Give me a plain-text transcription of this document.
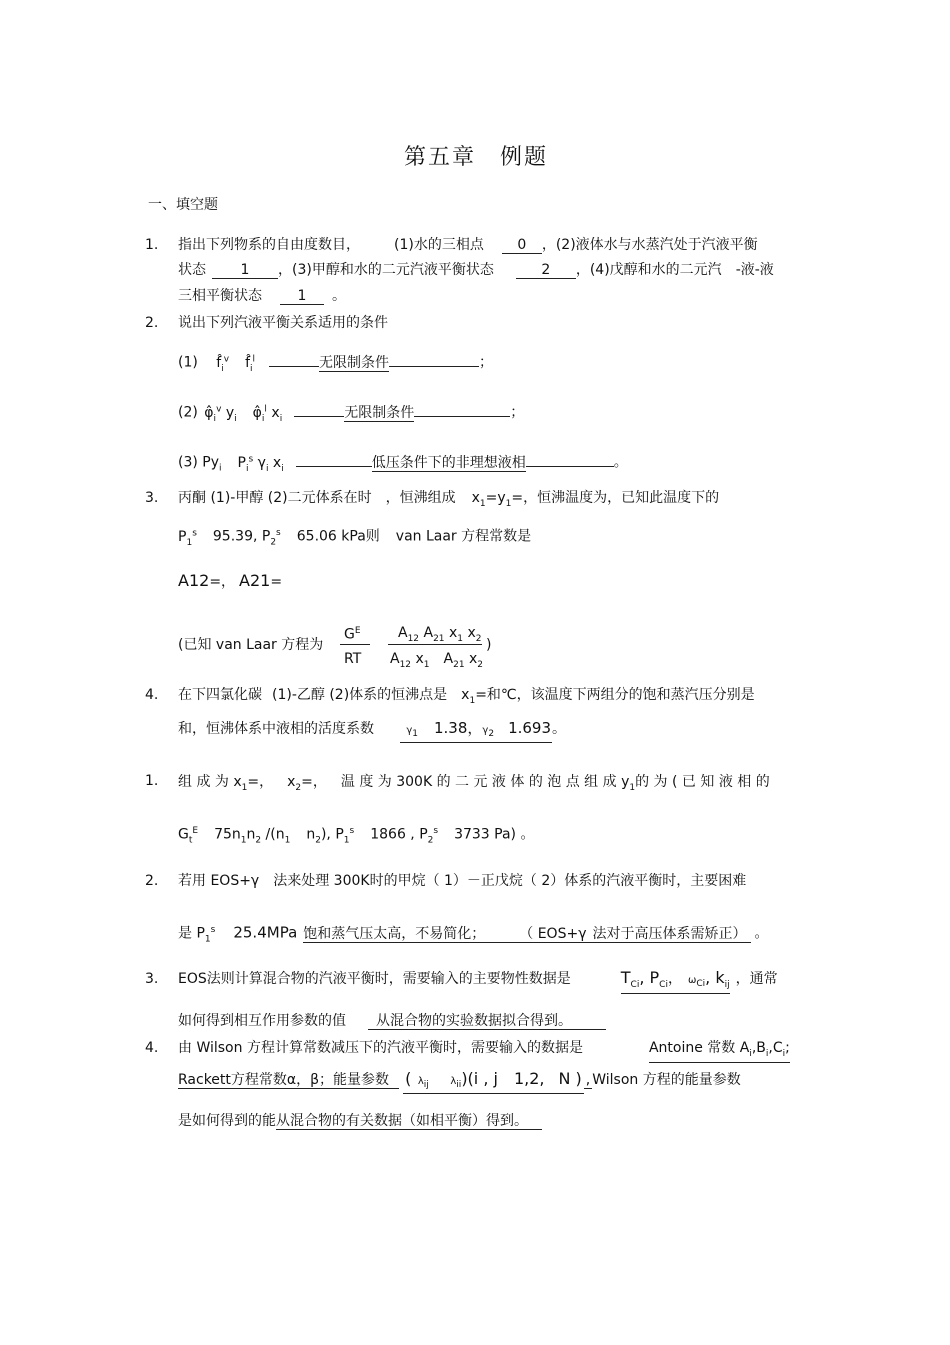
第五章　例题
一、填空题
1. 指出下列物系的自由度数目， (1)水的三相点 0 ，(2)液体水与水蒸汽处于汽液平衡
状态 1 ，(3)甲醇和水的二元汽液平衡状态	2 ，(4)戊醇和水的二元汽 -液-液
三相平衡状态	1 。
2. 说出下列汽液平衡关系适用的条件
(1) $f̂_i^v$ $f̂_i^l$	无限制条件	；
(2) $\varphî_i^v$ $y_i$ $\varphî_i^l$ $x_i$	无限制条件	；
(3) $Py_i$ $P_i^s$ $\gamma_i$ $x_i$	低压条件下的非理想液相	。
3. 丙酮 (1)-甲醇 (2)二元体系在时 ，恒沸组成 $x_1=y_1=$，恒沸温度为，已知此温度下的
$P_1^s$ 95.39, $P_2^s$ 65.06 kPa则 van Laar 方程常数是
A12=， A21=
(已知 van Laar 方程为
$G^E$
RT
$A_{12}$ $A_{21}$ $x_1$ $x_2$
$A_{12}$ $x_1$ $A_{21}$ $x_2$
)
4. 在下四氯化碳 (1)-乙醇 (2)体系的恒沸点是 $x_1=$和℃，该温度下两组分的饱和蒸汽压分别是
和，恒沸体系中液相的活度系数	$\gamma_1$ 1.38，$\gamma_2$ 1.693。
1. 组 成 为 $x_1=$， $x_2=$， 温 度 为 300K 的 二 元 液 体 的 泡 点 组 成 $y_1$的 为 ( 已 知 液 相 的
$G_t^E$ $75n_1n_2$ $/(n_1$ $n_2$), $P_1^s$ 1866 , $P_2^s$ 3733 Pa) 。
2. 若用 EOS+γ 法来处理 300K时的甲烷（ 1）－正戊烷（ 2）体系的汽液平衡时，主要困难
是 $P_1^s$ 25.4MPa 饱和蒸气压太高，不易简化； （ EOS+γ 法对于高压体系需矫正） 。
3. EOS法则计算混合物的汽液平衡时，需要输入的主要物性数据是	$T_{Ci}$, $P_{Ci}$， $\omega_{Ci}$, $k_{ij}$ ，通常
如何得到相互作用参数的值 从混合物的实验数据拟合得到。
4. 由 Wilson 方程计算常数减压下的汽液平衡时，需要输入的数据是	Antoine 常数 $A_i,B_i,C_i$;
Rackett方程常数α，β；能量参数 ( $\lambda_{ij}$ $\lambda_{ii})(i$ , j 1,2, N ) , Wilson 方程的能量参数
是如何得到的能从混合物的有关数据（如相平衡）得到。
